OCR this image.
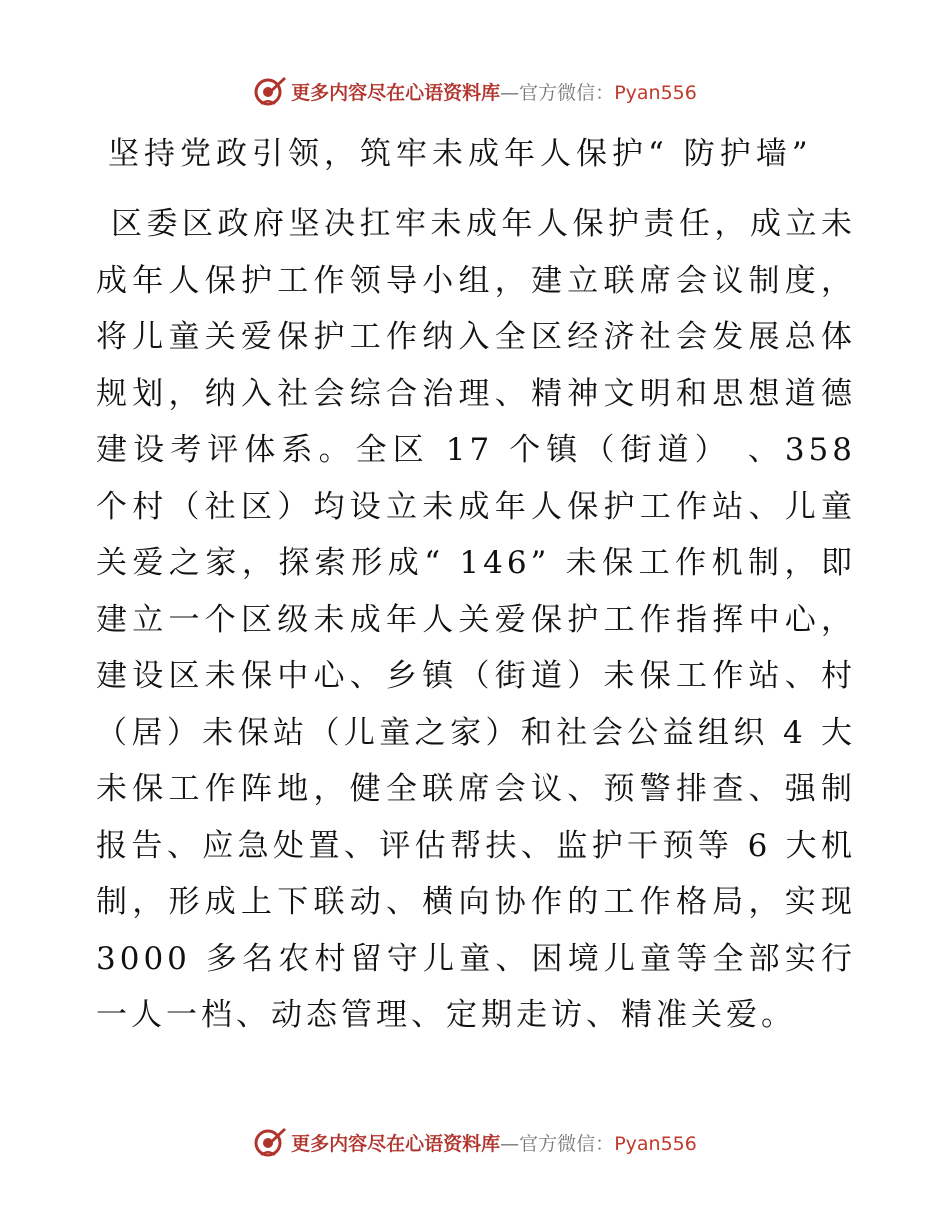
更多内容尽在心语资料库—官方微信：Pyan556
坚持党政引领，筑牢未成年人保护“ 防护墙”

区委区政府坚决扛牢未成年人保护责任，成立未成年人保护工作领导小组，建立联席会议制度，将儿童关爱保护工作纳入全区经济社会发展总体规划，纳入社会综合治理、精神文明和思想道德建设考评体系。全区 17 个镇（街道） 、358 个村（社区）均设立未成年人保护工作站、儿童关爱之家，探索形成“ 146” 未保工作机制，即建立一个区级未成年人关爱保护工作指挥中心，建设区未保中心、乡镇（街道）未保工作站、村（居）未保站（儿童之家）和社会公益组织 4 大未保工作阵地，健全联席会议、预警排查、强制报告、应急处置、评估帮扶、监护干预等 6 大机制，形成上下联动、横向协作的工作格局，实现 3000 多名农村留守儿童、困境儿童等全部实行一人一档、动态管理、定期走访、精准关爱。

更多内容尽在心语资料库—官方微信：Pyan556
